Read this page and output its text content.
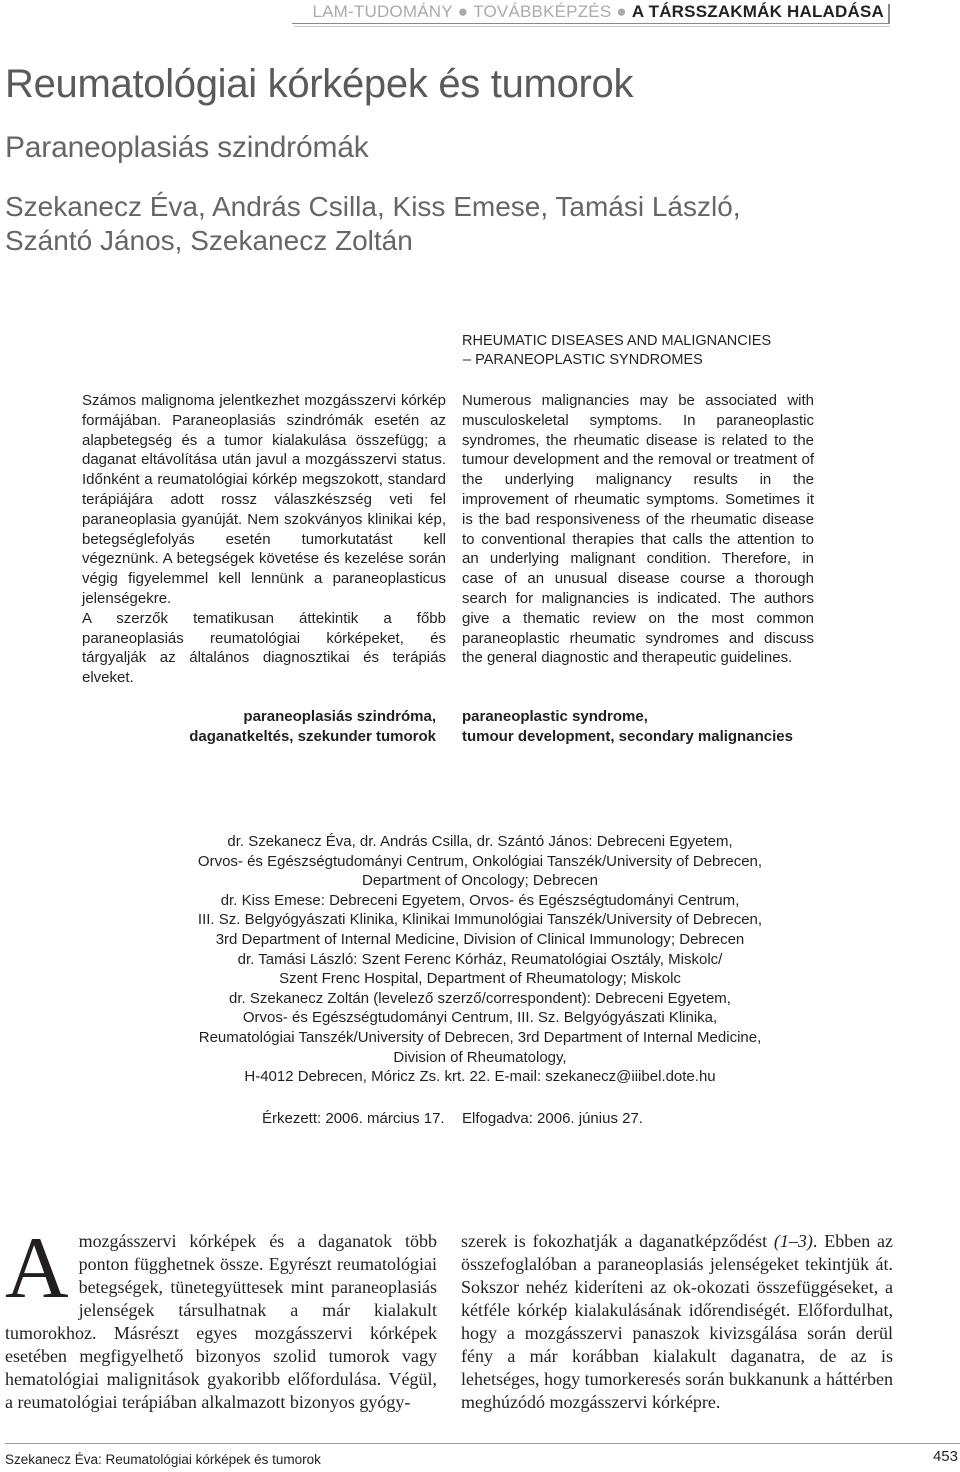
LAM-TUDOMÁNY ● TOVÁBBKÉPZÉS ● A TÁRSSZAKMÁK HALADÁSA
Reumatológiai kórképek és tumorok
Paraneoplasiás szindrómák
Szekanecz Éva, András Csilla, Kiss Emese, Tamási László,
Szántó János, Szekanecz Zoltán
RHEUMATIC DISEASES AND MALIGNANCIES
– PARANEOPLASTIC SYNDROMES

Számos malignoma jelentkezhet mozgásszervi kórkép formájában. Paraneoplasiás szindrómák esetén az alapbetegség és a tumor kialakulása összefügg; a daganat eltávolítása után javul a mozgásszervi status. Időnként a reumatológiai kórkép megszokott, standard terápiájára adott rossz válaszkészség veti fel paraneoplasia gyanúját. Nem szokványos klinikai kép, betegséglefolyás esetén tumorkutatást kell végeznünk. A betegségek követése és kezelése során végig figyelemmel kell lennünk a paraneoplasticus jelenségekre.

A szerzők tematikusan áttekintik a főbb paraneoplasiás reumatológiai kórképeket, és tárgyalják az általános diagnosztikai és terápiás elveket.

Numerous malignancies may be associated with musculoskeletal symptoms. In paraneoplastic syndromes, the rheumatic disease is related to the tumour development and the removal or treatment of the underlying malignancy results in the improvement of rheumatic symptoms. Sometimes it is the bad responsiveness of the rheumatic disease to conventional therapies that calls the attention to an underlying malignant condition. Therefore, in case of an unusual disease course a thorough search for malignancies is indicated. The authors give a thematic review on the most common paraneoplastic rheumatic syndromes and discuss the general diagnostic and therapeutic guidelines.

paraneoplasiás szindróma,
daganatkeltés, szekunder tumorok
paraneoplastic syndrome,
tumour development, secondary malignancies
dr. Szekanecz Éva, dr. András Csilla, dr. Szántó János: Debreceni Egyetem,
Orvos- és Egészségtudományi Centrum, Onkológiai Tanszék/University of Debrecen,
Department of Oncology; Debrecen
dr. Kiss Emese: Debreceni Egyetem, Orvos- és Egészségtudományi Centrum,
III. Sz. Belgyógyászati Klinika, Klinikai Immunológiai Tanszék/University of Debrecen,
3rd Department of Internal Medicine, Division of Clinical Immunology; Debrecen
dr. Tamási László: Szent Ferenc Kórház, Reumatológiai Osztály, Miskolc/
Szent Frenc Hospital, Department of Rheumatology; Miskolc
dr. Szekanecz Zoltán (levelező szerző/correspondent): Debreceni Egyetem,
Orvos- és Egészségtudományi Centrum, III. Sz. Belgyógyászati Klinika,
Reumatológiai Tanszék/University of Debrecen, 3rd Department of Internal Medicine,
Division of Rheumatology,
H-4012 Debrecen, Móricz Zs. krt. 22. E-mail: szekanecz@iiibel.dote.hu
Érkezett: 2006. március 17. Elfogadva: 2006. június 27.
Amozgásszervi kórképek és a daganatok több ponton függhetnek össze. Egyrészt reumatológiai betegségek, tünetegyüttesek mint paraneoplasiás jelenségek társulhatnak a már kialakult tumorokhoz. Másrészt egyes mozgásszervi kórképek esetében megfigyelhető bizonyos szolid tumorok vagy hematológiai malignitások gyakoribb előfordulása. Végül, a reumatológiai terápiában alkalmazott bizonyos gyógy-
szerek is fokozhatják a daganatképződést (1–3). Ebben az összefoglalóban a paraneoplasiás jelenségeket tekintjük át. Sokszor nehéz kideríteni az ok-okozati összefüggéseket, a kétféle kórkép kialakulásának időrendiségét. Előfordulhat, hogy a mozgásszervi panaszok kivizsgálása során derül fény a már korábban kialakult daganatra, de az is lehetséges, hogy tumorkeresés során bukkanunk a háttérben meghúzódó mozgásszervi kórképre.
Szekanecz Éva: Reumatológiai kórképek és tumorok	453
